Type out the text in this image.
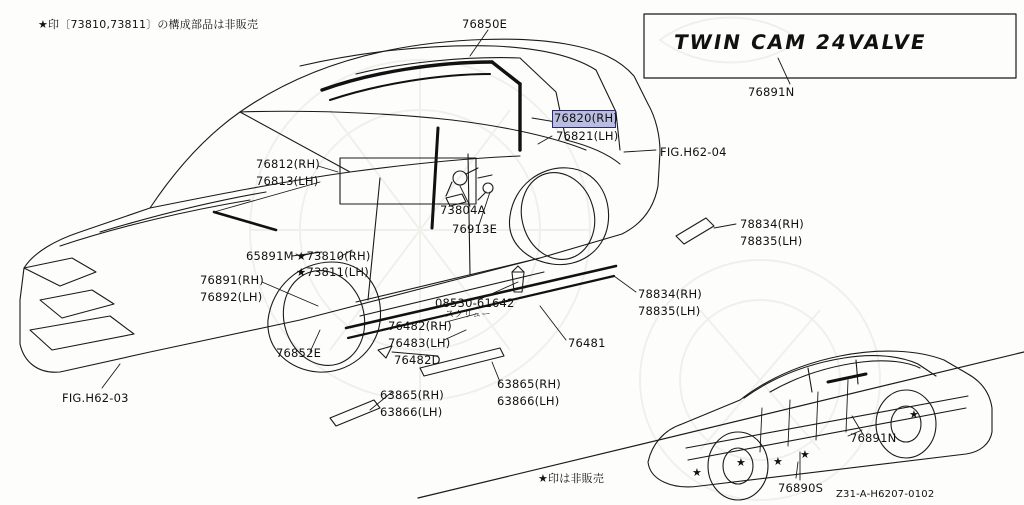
76820(RH)
TWIN CAM 24VALVE
★印〔73810,73811〕の構成部品は非販売	76850E
76891N
76821(LH)
FIG.H62-04
76812(RH)
76813(LH)
73804A
76913E	78834(RH)
78835(LH)
65891M ★73810(RH)
★73811(LH)
76891(RH)
76892(LH)	78834(RH)
78835(LH)
08530-61642
スクリュー
76482(RH)
76483(LH)
76482D
76852E
76481
63865(RH)
63866(LH)
63865(RH)
63866(LH)
FIG.H62-03
76891N
★印は非販売
76890S Z31-A-H6207-0102
★
★
★
★
★
